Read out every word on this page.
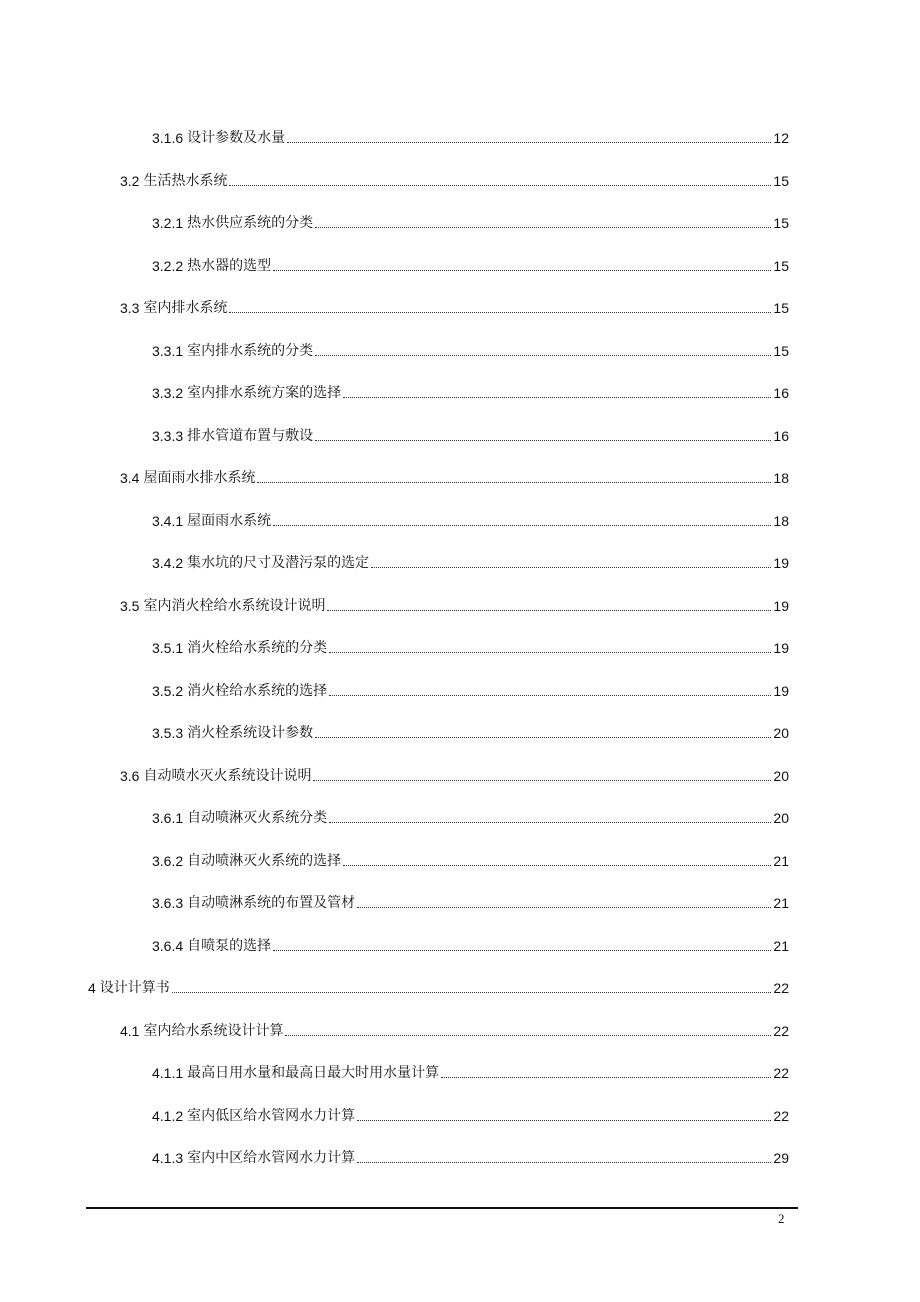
3.1.6 设计参数及水量	12
3.2 生活热水系统	15
3.2.1 热水供应系统的分类	15
3.2.2 热水器的选型	15
3.3 室内排水系统	15
3.3.1 室内排水系统的分类	15
3.3.2 室内排水系统方案的选择	16
3.3.3 排水管道布置与敷设	16
3.4 屋面雨水排水系统	18
3.4.1 屋面雨水系统	18
3.4.2 集水坑的尺寸及潜污泵的选定	19
3.5 室内消火栓给水系统设计说明	19
3.5.1 消火栓给水系统的分类	19
3.5.2 消火栓给水系统的选择	19
3.5.3 消火栓系统设计参数	20
3.6 自动喷水灭火系统设计说明	20
3.6.1 自动喷淋灭火系统分类	20
3.6.2 自动喷淋灭火系统的选择	21
3.6.3 自动喷淋系统的布置及管材	21
3.6.4 自喷泵的选择	21
4 设计计算书	22
4.1 室内给水系统设计计算	22
4.1.1 最高日用水量和最高日最大时用水量计算	22
4.1.2 室内低区给水管网水力计算	22
4.1.3 室内中区给水管网水力计算	29
2
